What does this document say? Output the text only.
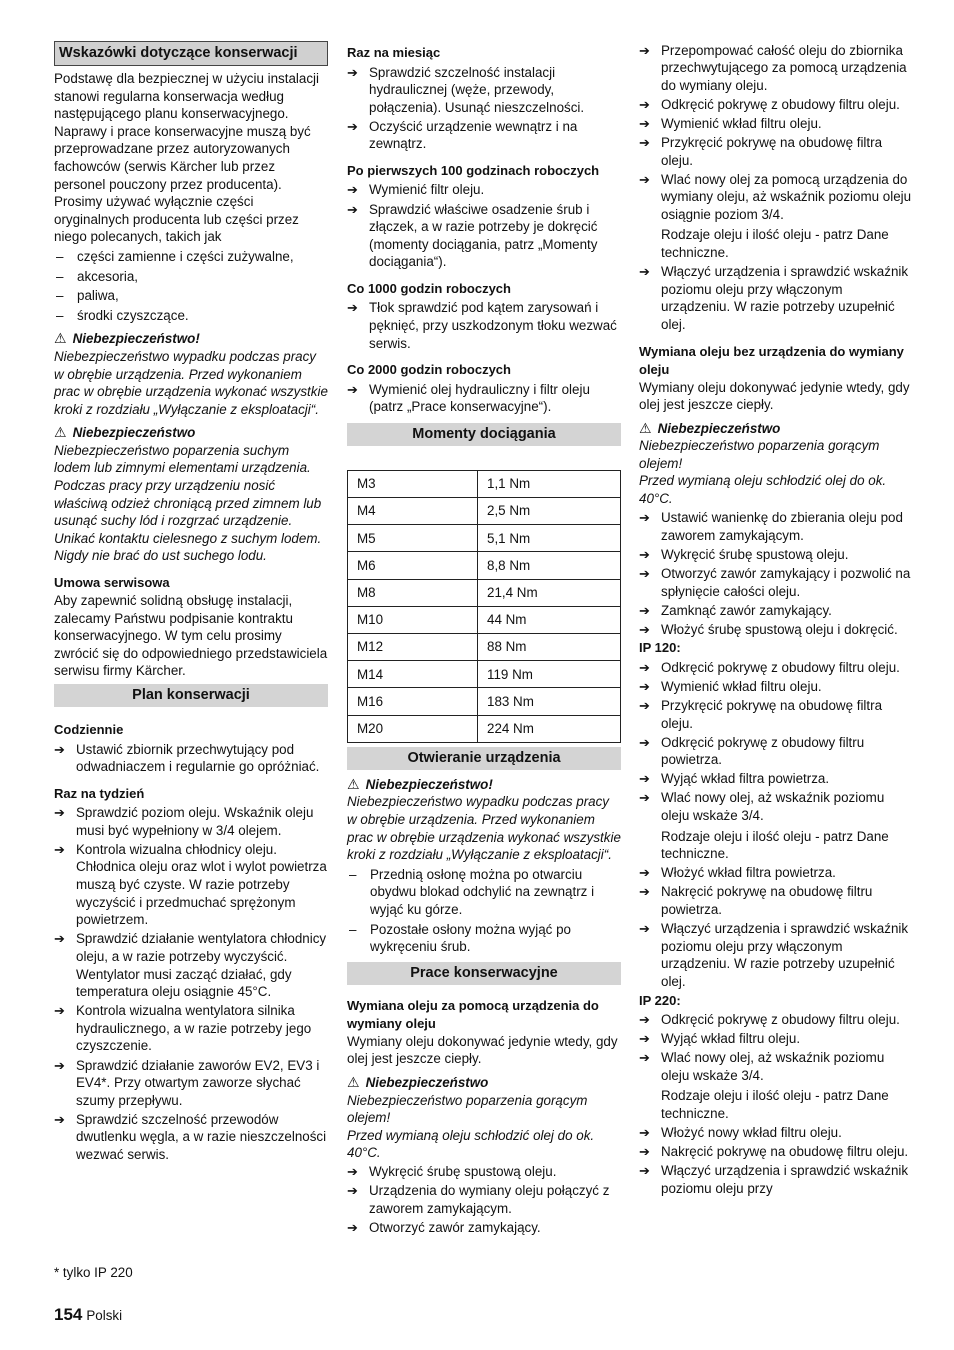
Wskazówki dotyczące konserwacji

Podstawę dla bezpiecznej w użyciu instalacji stanowi regularna konserwacja według następującego planu konserwacyjnego.

Naprawy i prace konserwacyjne muszą być przeprowadzane przez autoryzowanych fachowców (serwis Kärcher lub przez personel pouczony przez producenta).

Prosimy używać wyłącznie części oryginalnych producenta lub części przez niego polecanych, takich jak

– części zamienne i części zużywalne,
– akcesoria,
– paliwa,
– środki czyszczące.
⚠ Niebezpieczeństwo!

Niebezpieczeństwo wypadku podczas pracy w obrębie urządzenia. Przed wykonaniem prac w obrębie urządzenia wykonać wszystkie kroki z rozdziału „Wyłączanie z eksploatacji“.

⚠ Niebezpieczeństwo

Niebezpieczeństwo poparzenia suchym lodem lub zimnymi elementami urządzenia. Podczas pracy przy urządzeniu nosić właściwą odzież chroniącą przed zimnem lub usunąć suchy lód i rozgrzać urządzenie.

Unikać kontaktu cielesnego z suchym lodem.

Nigdy nie brać do ust suchego lodu.

Umowa serwisowa

Aby zapewnić solidną obsługę instalacji, zalecamy Państwu podpisanie kontraktu konserwacyjnego. W tym celu prosimy zwrócić się do odpowiedniego przedstawiciela serwisu firmy Kärcher.

Plan konserwacji
Codziennie
➔ Ustawić zbiornik przechwytujący pod odwadniaczem i regularnie go opróżniać.
Raz na tydzień
➔ Sprawdzić poziom oleju. Wskaźnik oleju musi być wypełniony w 3/4 olejem.
➔ Kontrola wizualna chłodnicy oleju. Chłodnica oleju oraz wlot i wylot powietrza muszą być czyste. W razie potrzeby wyczyścić i przedmuchać sprężonym powietrzem.
➔ Sprawdzić działanie wentylatora chłodnicy oleju, a w razie potrzeby wyczyścić. Wentylator musi zacząć działać, gdy temperatura oleju osiągnie 45°C.
➔ Kontrola wizualna wentylatora silnika hydraulicznego, a w razie potrzeby jego czyszczenie.
➔ Sprawdzić działanie zaworów EV2, EV3 i EV4*. Przy otwartym zaworze słychać szumy przepływu.
➔ Sprawdzić szczelność przewodów dwutlenku węgla, a w razie nieszczelności wezwać serwis.
Raz na miesiąc
➔ Sprawdzić szczelność instalacji hydraulicznej (węże, przewody, połączenia). Usunąć nieszczelności.
➔ Oczyścić urządzenie wewnątrz i na zewnątrz.
Po pierwszych 100 godzinach roboczych
➔ Wymienić filtr oleju.
➔ Sprawdzić właściwe osadzenie śrub i złączek, a w razie potrzeby je dokręcić (momenty dociągania, patrz „Momenty dociągania“).
Co 1000 godzin roboczych
➔ Tłok sprawdzić pod kątem zarysowań i pęknięć, przy uszkodzonym tłoku wezwać serwis.
Co 2000 godzin roboczych
➔ Wymienić olej hydrauliczny i filtr oleju (patrz „Prace konserwacyjne“).
Momenty dociągania
M3	1,1 Nm
M4	2,5 Nm
M5	5,1 Nm
M6	8,8 Nm
M8	21,4 Nm
M10	44 Nm
M12	88 Nm
M14	119 Nm
M16	183 Nm
M20	224 Nm
Otwieranie urządzenia
⚠ Niebezpieczeństwo!

Niebezpieczeństwo wypadku podczas pracy w obrębie urządzenia. Przed wykonaniem prac w obrębie urządzenia wykonać wszystkie kroki z rozdziału „Wyłączanie z eksploatacji“.

– Przednią osłonę można po otwarciu obydwu blokad odchylić na zewnątrz i wyjąć ku górze.
– Pozostałe osłony można wyjąć po wykręceniu śrub.
Prace konserwacyjne
Wymiana oleju za pomocą urządzenia do wymiany oleju

Wymiany oleju dokonywać jedynie wtedy, gdy olej jest jeszcze ciepły.

⚠ Niebezpieczeństwo

Niebezpieczeństwo poparzenia gorącym olejem!

Przed wymianą oleju schłodzić olej do ok. 40°C.

➔ Wykręcić śrubę spustową oleju.
➔ Urządzenia do wymiany oleju połączyć z zaworem zamykającym.
➔ Otworzyć zawór zamykający.
➔ Przepompować całość oleju do zbiornika przechwytującego za pomocą urządzenia do wymiany oleju.
➔ Odkręcić pokrywę z obudowy filtru oleju.
➔ Wymienić wkład filtru oleju.
➔ Przykręcić pokrywę na obudowę filtra oleju.
➔ Wlać nowy olej za pomocą urządzenia do wymiany oleju, aż wskaźnik poziomu oleju osiągnie poziom 3/4.

Rodzaje oleju i ilość oleju - patrz Dane techniczne.

➔ Włączyć urządzenia i sprawdzić wskaźnik poziomu oleju przy włączonym urządzeniu. W razie potrzeby uzupełnić olej.
Wymiana oleju bez urządzenia do wymiany oleju

Wymiany oleju dokonywać jedynie wtedy, gdy olej jest jeszcze ciepły.

⚠ Niebezpieczeństwo

Niebezpieczeństwo poparzenia gorącym olejem!

Przed wymianą oleju schłodzić olej do ok. 40°C.

➔ Ustawić wanienkę do zbierania oleju pod zaworem zamykającym.
➔ Wykręcić śrubę spustową oleju.
➔ Otworzyć zawór zamykający i pozwolić na spłynięcie całości oleju.
➔ Zamknąć zawór zamykający.
➔ Włożyć śrubę spustową oleju i dokręcić.
IP 120:
➔ Odkręcić pokrywę z obudowy filtru oleju.
➔ Wymienić wkład filtru oleju.
➔ Przykręcić pokrywę na obudowę filtra oleju.
➔ Odkręcić pokrywę z obudowy filtru powietrza.
➔ Wyjąć wkład filtra powietrza.
➔ Wlać nowy olej, aż wskaźnik poziomu oleju wskaże 3/4.

Rodzaje oleju i ilość oleju - patrz Dane techniczne.

➔ Włożyć wkład filtra powietrza.
➔ Nakręcić pokrywę na obudowę filtru powietrza.
➔ Włączyć urządzenia i sprawdzić wskaźnik poziomu oleju przy włączonym urządzeniu. W razie potrzeby uzupełnić olej.
IP 220:
➔ Odkręcić pokrywę z obudowy filtru oleju.
➔ Wyjąć wkład filtru oleju.
➔ Wlać nowy olej, aż wskaźnik poziomu oleju wskaże 3/4.

Rodzaje oleju i ilość oleju - patrz Dane techniczne.

➔ Włożyć nowy wkład filtru oleju.
➔ Nakręcić pokrywę na obudowę filtru oleju.
➔ Włączyć urządzenia i sprawdzić wskaźnik poziomu oleju przy
* tylko IP 220
154 Polski
